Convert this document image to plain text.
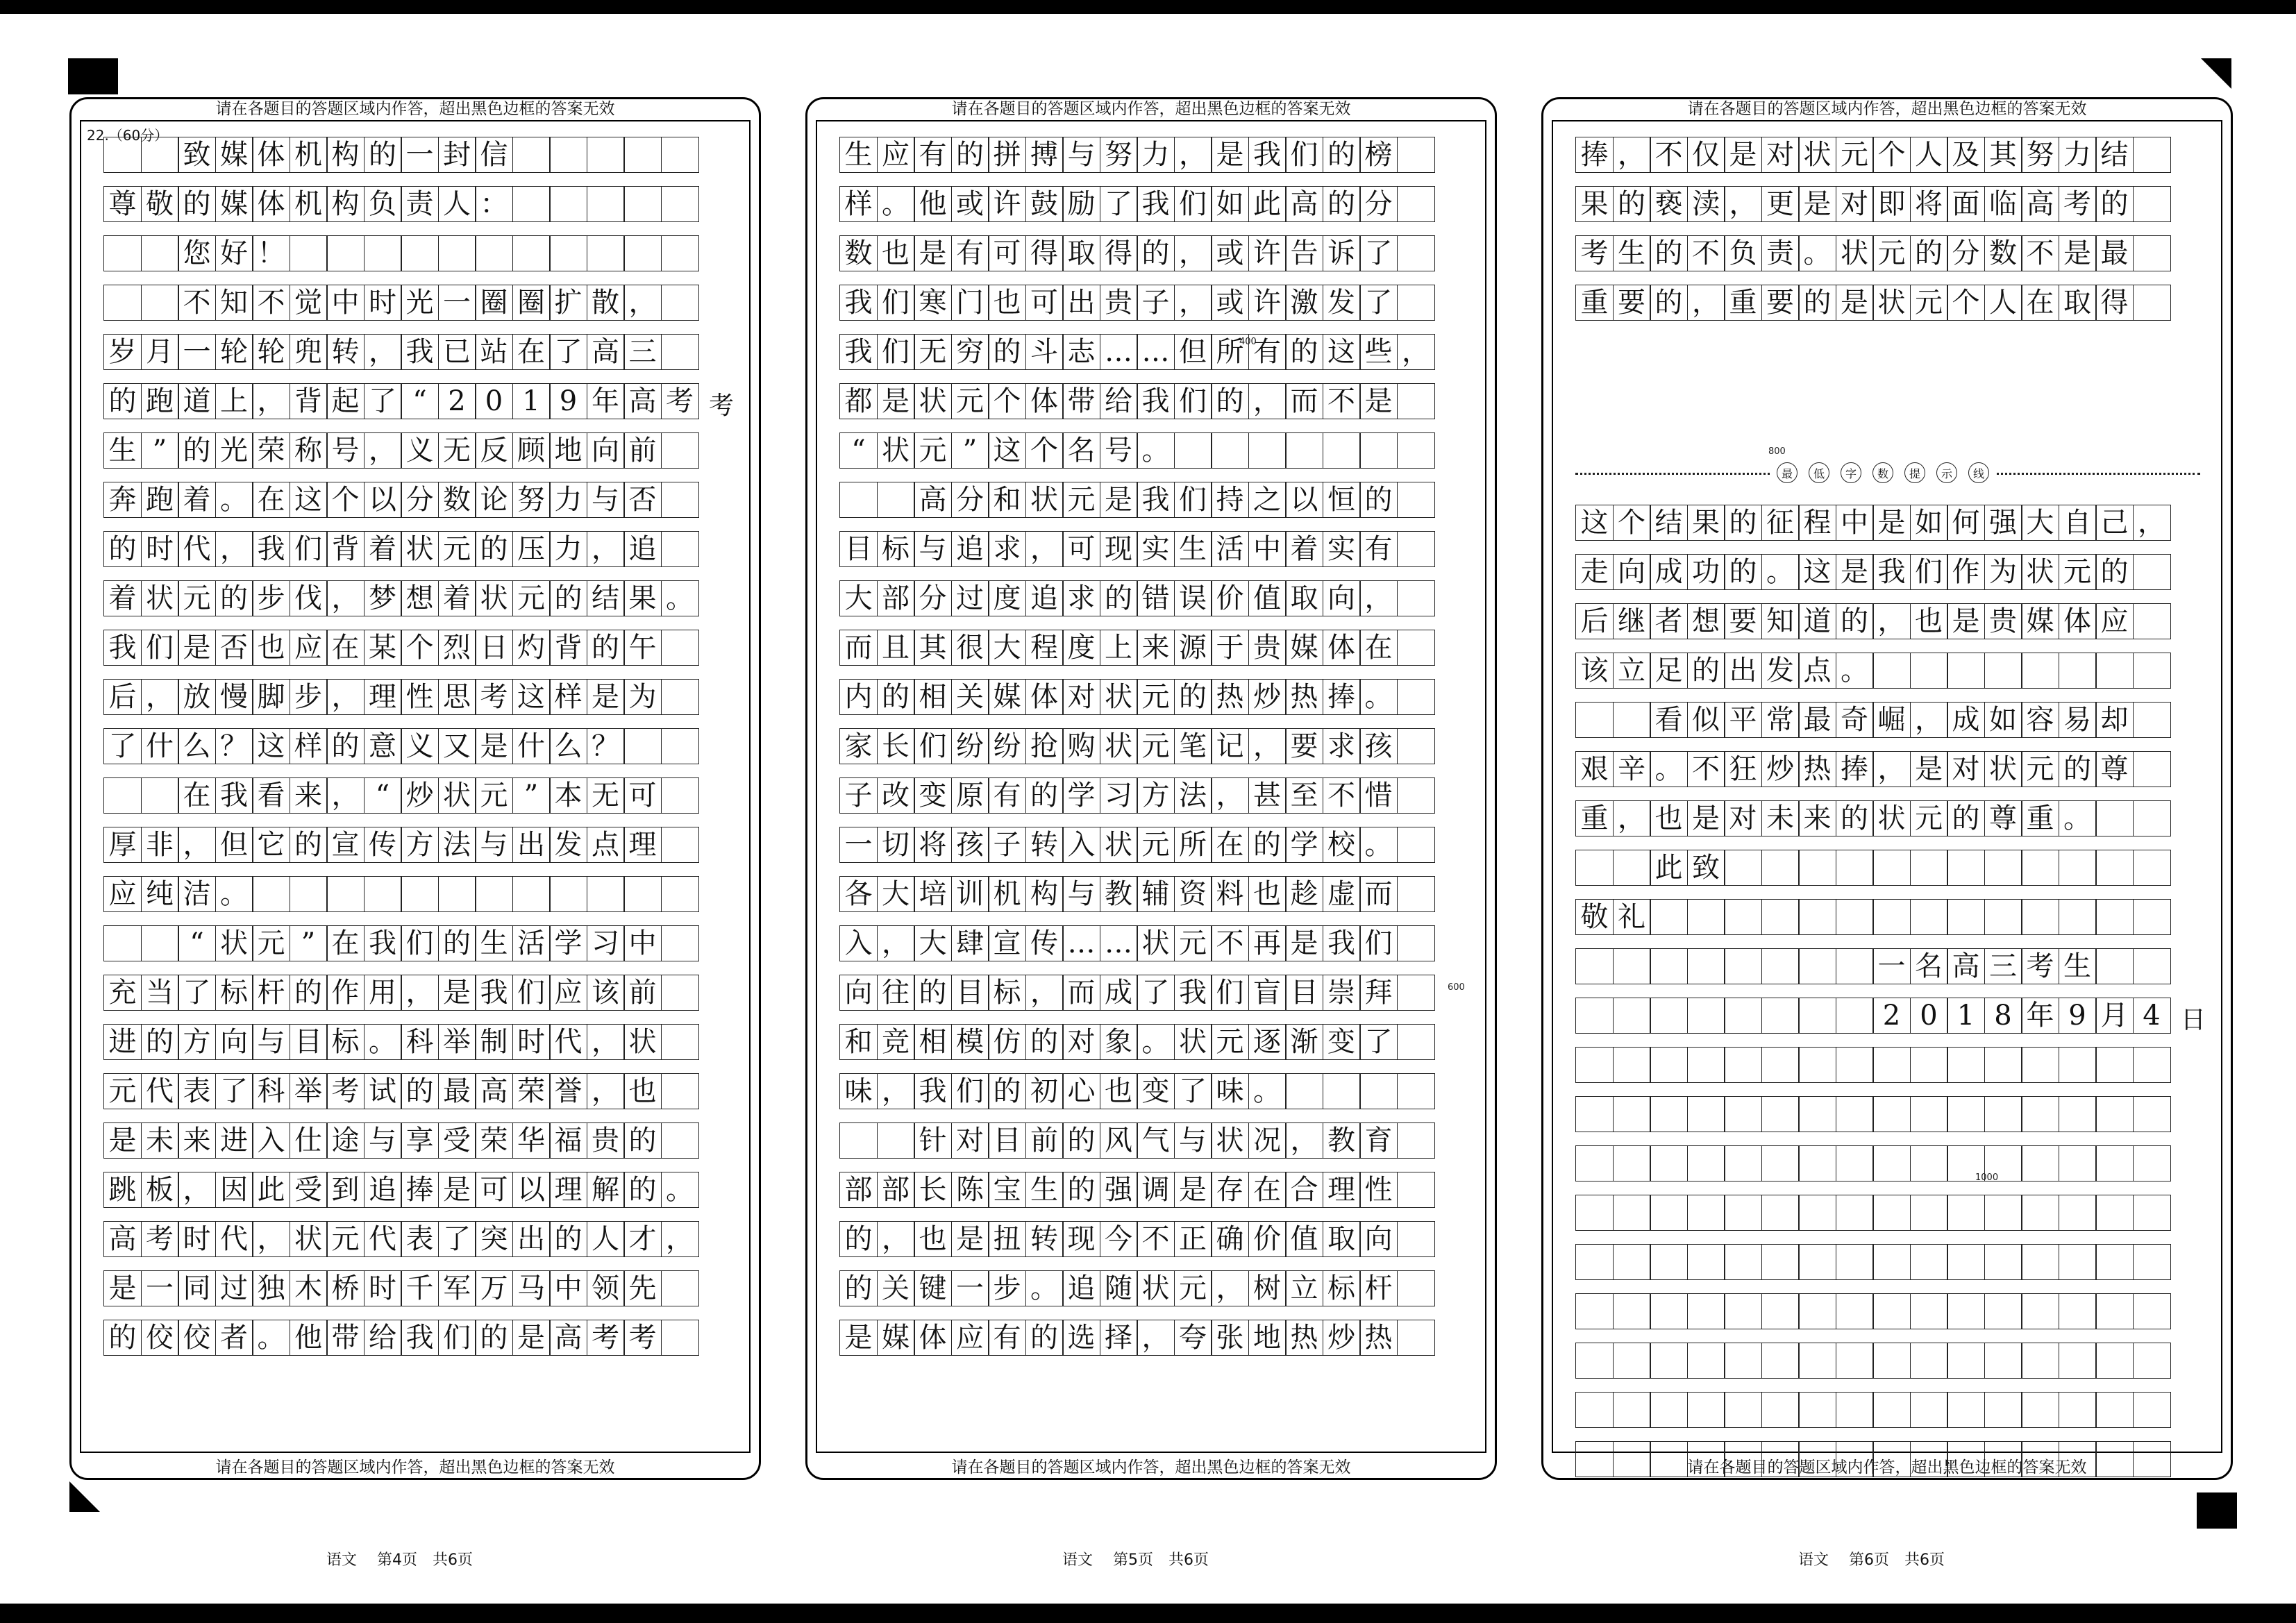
请在各题目的答题区域内作答，超出黑色边框的答案无效
22.（60分）
致 媒 体 机 构 的 一 封 信
尊 敬 的 媒 体 机 构 负 责 人 ：
您 好 ！
不 知 不 觉 中 时 光 一 圈 圈 扩 散 ，
岁 月 一 轮 轮 兜 转 ， 我 已 站 在 了 高 三
的 跑 道 上 ， 背 起 了 “ 2 0 1 9 年 高 考 考
生 ” 的 光 荣 称 号 ， 义 无 反 顾 地 向 前
奔 跑 着 。 在 这 个 以 分 数 论 努 力 与 否
的 时 代 ， 我 们 背 着 状 元 的 压 力 ， 追
着 状 元 的 步 伐 ， 梦 想 着 状 元 的 结 果 。
我 们 是 否 也 应 在 某 个 烈 日 灼 背 的 午
后 ， 放 慢 脚 步 ， 理 性 思 考 这 样 是 为
了 什 么 ？ 这 样 的 意 义 又 是 什 么 ？
在 我 看 来 ， “ 炒 状 元 ” 本 无 可
厚 非 ， 但 它 的 宣 传 方 法 与 出 发 点 理
应 纯 洁 。
“ 状 元 ” 在 我 们 的 生 活 学 习 中
充 当 了 标 杆 的 作 用 ， 是 我 们 应 该 前
进 的 方 向 与 目 标 。 科 举 制 时 代 ， 状
元 代 表 了 科 举 考 试 的 最 高 荣 誉 ， 也
是 未 来 进 入 仕 途 与 享 受 荣 华 福 贵 的
跳 板 ， 因 此 受 到 追 捧 是 可 以 理 解 的 。
高 考 时 代 ， 状 元 代 表 了 突 出 的 人 才 ，
是 一 同 过 独 木 桥 时 千 军 万 马 中 领 先
的 佼 佼 者 。 他 带 给 我 们 的 是 高 考 考
请在各题目的答题区域内作答，超出黑色边框的答案无效
请在各题目的答题区域内作答，超出黑色边框的答案无效
400
600
生 应 有 的 拼 搏 与 努 力 ， 是 我 们 的 榜
样 。 他 或 许 鼓 励 了 我 们 如 此 高 的 分
数 也 是 有 可 得 取 得 的 ， 或 许 告 诉 了
我 们 寒 门 也 可 出 贵 子 ， 或 许 激 发 了
我 们 无 穷 的 斗 志 … … 但 所 有 的 这 些 ，
都 是 状 元 个 体 带 给 我 们 的 ， 而 不 是
“ 状 元 ” 这 个 名 号 。
高 分 和 状 元 是 我 们 持 之 以 恒 的
目 标 与 追 求 ， 可 现 实 生 活 中 着 实 有
大 部 分 过 度 追 求 的 错 误 价 值 取 向 ，
而 且 其 很 大 程 度 上 来 源 于 贵 媒 体 在
内 的 相 关 媒 体 对 状 元 的 热 炒 热 捧 。
家 长 们 纷 纷 抢 购 状 元 笔 记 ， 要 求 孩
子 改 变 原 有 的 学 习 方 法 ， 甚 至 不 惜
一 切 将 孩 子 转 入 状 元 所 在 的 学 校 。
各 大 培 训 机 构 与 教 辅 资 料 也 趁 虚 而
入 ， 大 肆 宣 传 … … 状 元 不 再 是 我 们
向 往 的 目 标 ， 而 成 了 我 们 盲 目 崇 拜
和 竞 相 模 仿 的 对 象 。 状 元 逐 渐 变 了
味 ， 我 们 的 初 心 也 变 了 味 。
针 对 目 前 的 风 气 与 状 况 ， 教 育
部 部 长 陈 宝 生 的 强 调 是 存 在 合 理 性
的 ， 也 是 扭 转 现 今 不 正 确 价 值 取 向
的 关 键 一 步 。 追 随 状 元 ， 树 立 标 杆
是 媒 体 应 有 的 选 择 ， 夸 张 地 热 炒 热
请在各题目的答题区域内作答，超出黑色边框的答案无效
请在各题目的答题区域内作答，超出黑色边框的答案无效
800
最	低	字	数	提	示	线
1000
捧 ， 不 仅 是 对 状 元 个 人 及 其 努 力 结
果 的 亵 渎 ， 更 是 对 即 将 面 临 高 考 的
考 生 的 不 负 责 。 状 元 的 分 数 不 是 最
重 要 的 ， 重 要 的 是 状 元 个 人 在 取 得
这 个 结 果 的 征 程 中 是 如 何 强 大 自 己 ，
走 向 成 功 的 。 这 是 我 们 作 为 状 元 的
后 继 者 想 要 知 道 的 ， 也 是 贵 媒 体 应
该 立 足 的 出 发 点 。
看 似 平 常 最 奇 崛 ， 成 如 容 易 却
艰 辛 。 不 狂 炒 热 捧 ， 是 对 状 元 的 尊
重 ， 也 是 对 未 来 的 状 元 的 尊 重 。
此 致
敬 礼
一 名 高 三 考 生
2 0 1 8 年 9 月 4 日
请在各题目的答题区域内作答，超出黑色边框的答案无效
语文　 第4页　共6页	语文　 第5页　共6页	语文　 第6页　共6页
